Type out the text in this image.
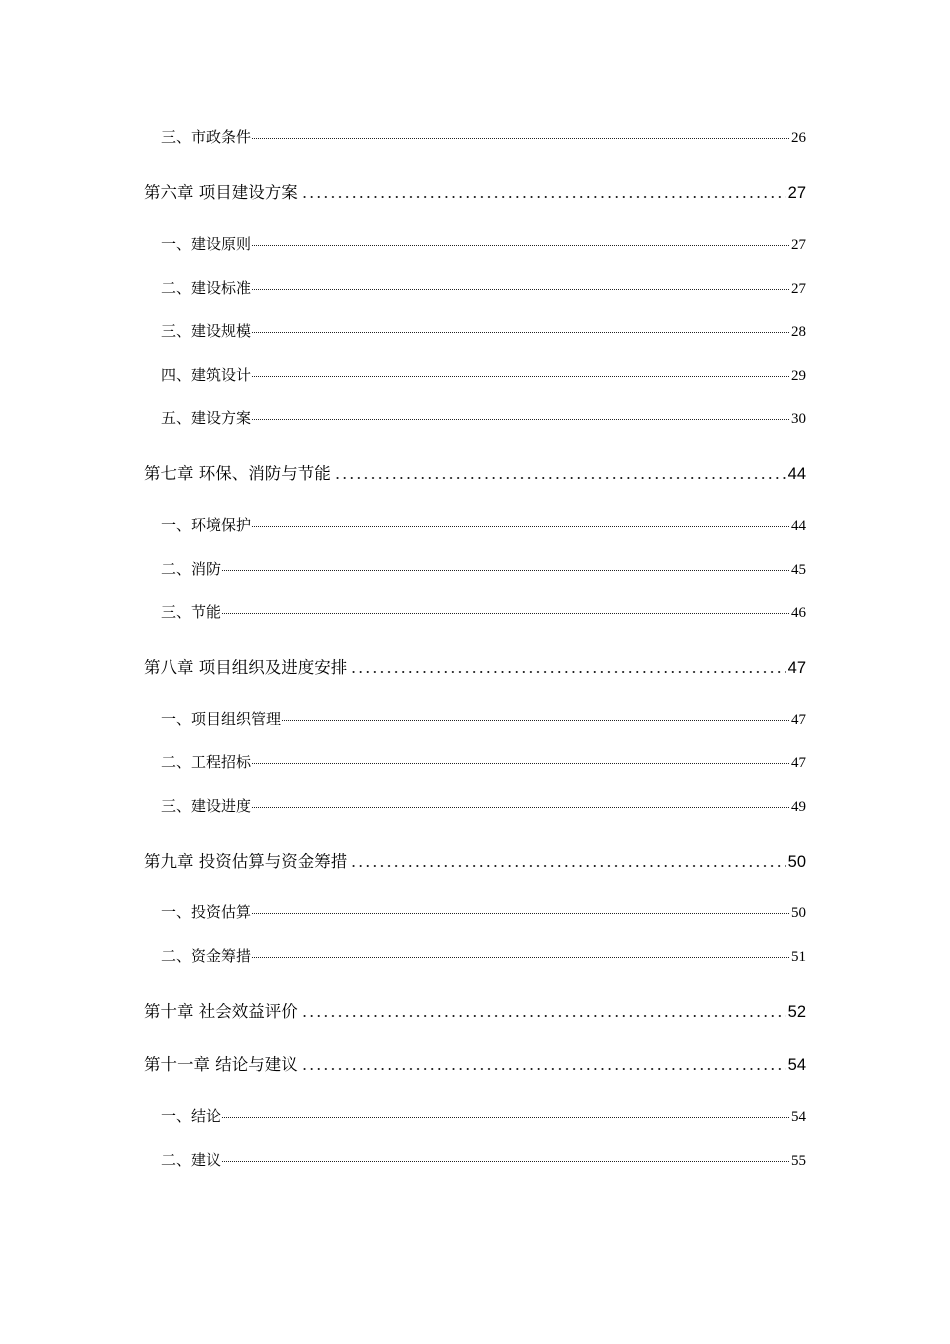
三、市政条件	26
第六章 项目建设方案	27
一、建设原则	27
二、建设标准	27
三、建设规模	28
四、建筑设计	29
五、建设方案	30
第七章 环保、消防与节能	44
一、环境保护	44
二、消防	45
三、节能	46
第八章 项目组织及进度安排	47
一、项目组织管理	47
二、工程招标	47
三、建设进度	49
第九章 投资估算与资金筹措	50
一、投资估算	50
二、资金筹措	51
第十章 社会效益评价	52
第十一章 结论与建议	54
一、结论	54
二、建议	55
